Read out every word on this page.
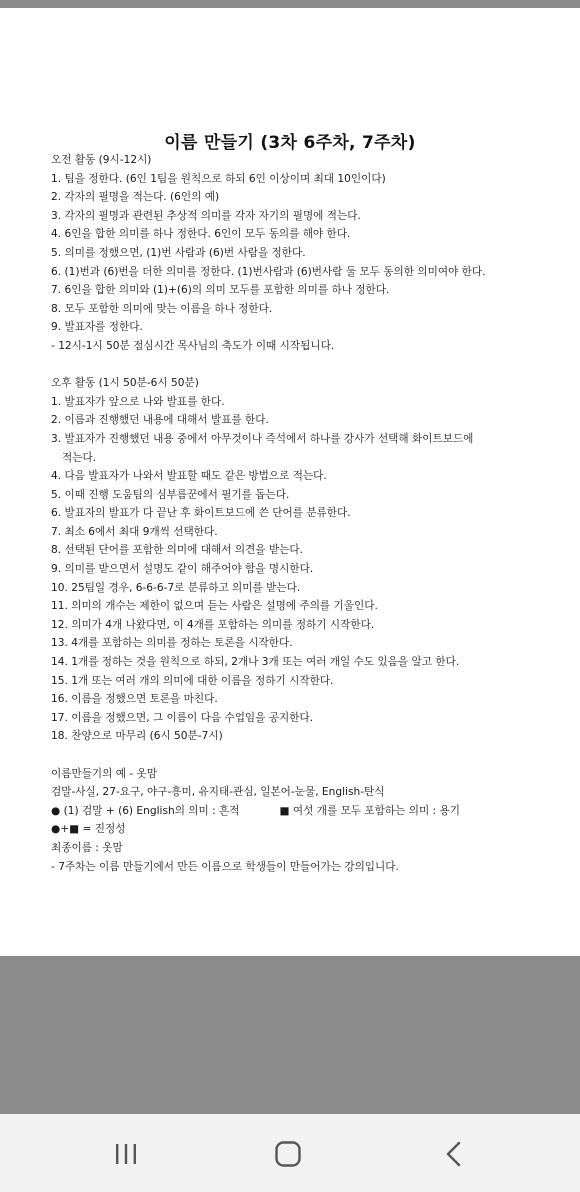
이름 만들기 (3차 6주차, 7주차)
오전 활동 (9시-12시)
1. 팀을 정한다. (6인 1팀을 원칙으로 하되 6인 이상이며 최대 10인이다)
2. 각자의 필명을 적는다. (6인의 예)
3. 각자의 필명과 관련된 추상적 의미를 각자 자기의 필명에 적는다.
4. 6인을 합한 의미를 하나 정한다. 6인이 모두 동의를 해야 한다.
5. 의미를 정했으면, (1)번 사람과 (6)번 사람을 정한다.
6. (1)번과 (6)번을 더한 의미를 정한다. (1)번사람과 (6)번사람 둘 모두 동의한 의미여야 한다.
7. 6인을 합한 의미와 (1)+(6)의 의미 모두를 포함한 의미를 하나 정한다.
8. 모두 포함한 의미에 맞는 이름을 하나 정한다.
9. 발표자를 정한다.
- 12시-1시 50분 점심시간 목사님의 축도가 이때 시작됩니다.
오후 활동 (1시 50분-6시 50분)
1. 발표자가 앞으로 나와 발표를 한다.
2. 이름과 진행했던 내용에 대해서 발표를 한다.
3. 발표자가 진행했던 내용 중에서 아무것이나 즉석에서 하나를 강사가 선택해 화이트보드에
적는다.
4. 다음 발표자가 나와서 발표할 때도 같은 방법으로 적는다.
5. 이때 진행 도움팀의 심부름꾼에서 필기를 돕는다.
6. 발표자의 발표가 다 끝난 후 화이트보드에 쓴 단어를 분류한다.
7. 최소 6에서 최대 9개씩 선택한다.
8. 선택된 단어를 포함한 의미에 대해서 의견을 받는다.
9. 의미를 받으면서 설명도 같이 해주어야 함을 명시한다.
10. 25팀일 경우, 6-6-6-7로 분류하고 의미를 받는다.
11. 의미의 개수는 제한이 없으며 듣는 사람은 설명에 주의를 기울인다.
12. 의미가 4개 나왔다면, 이 4개를 포함하는 의미를 정하기 시작한다.
13. 4개를 포함하는 의미를 정하는 토론을 시작한다.
14. 1개를 정하는 것을 원칙으로 하되, 2개나 3개 또는 여러 개일 수도 있음을 알고 한다.
15. 1개 또는 여러 개의 의미에 대한 이름을 정하기 시작한다.
16. 이름을 정했으면 토론을 마친다.
17. 이름을 정했으면, 그 이름이 다음 수업임을 공지한다.
18. 찬양으로 마무리 (6시 50분-7시)
이름만들기의 예 - 옷맘
검말-사실, 27-요구, 야구-흥미, 유지태-관심, 일본어-눈물, English-탄식
● (1) 검말 + (6) English의 의미 : 흔적	■ 여섯 개를 모두 포함하는 의미 : 용기
●+■ = 진정성
최종이름 : 옷맘
- 7주차는 이름 만들기에서 만든 이름으로 학생들이 만들어가는 강의입니다.
